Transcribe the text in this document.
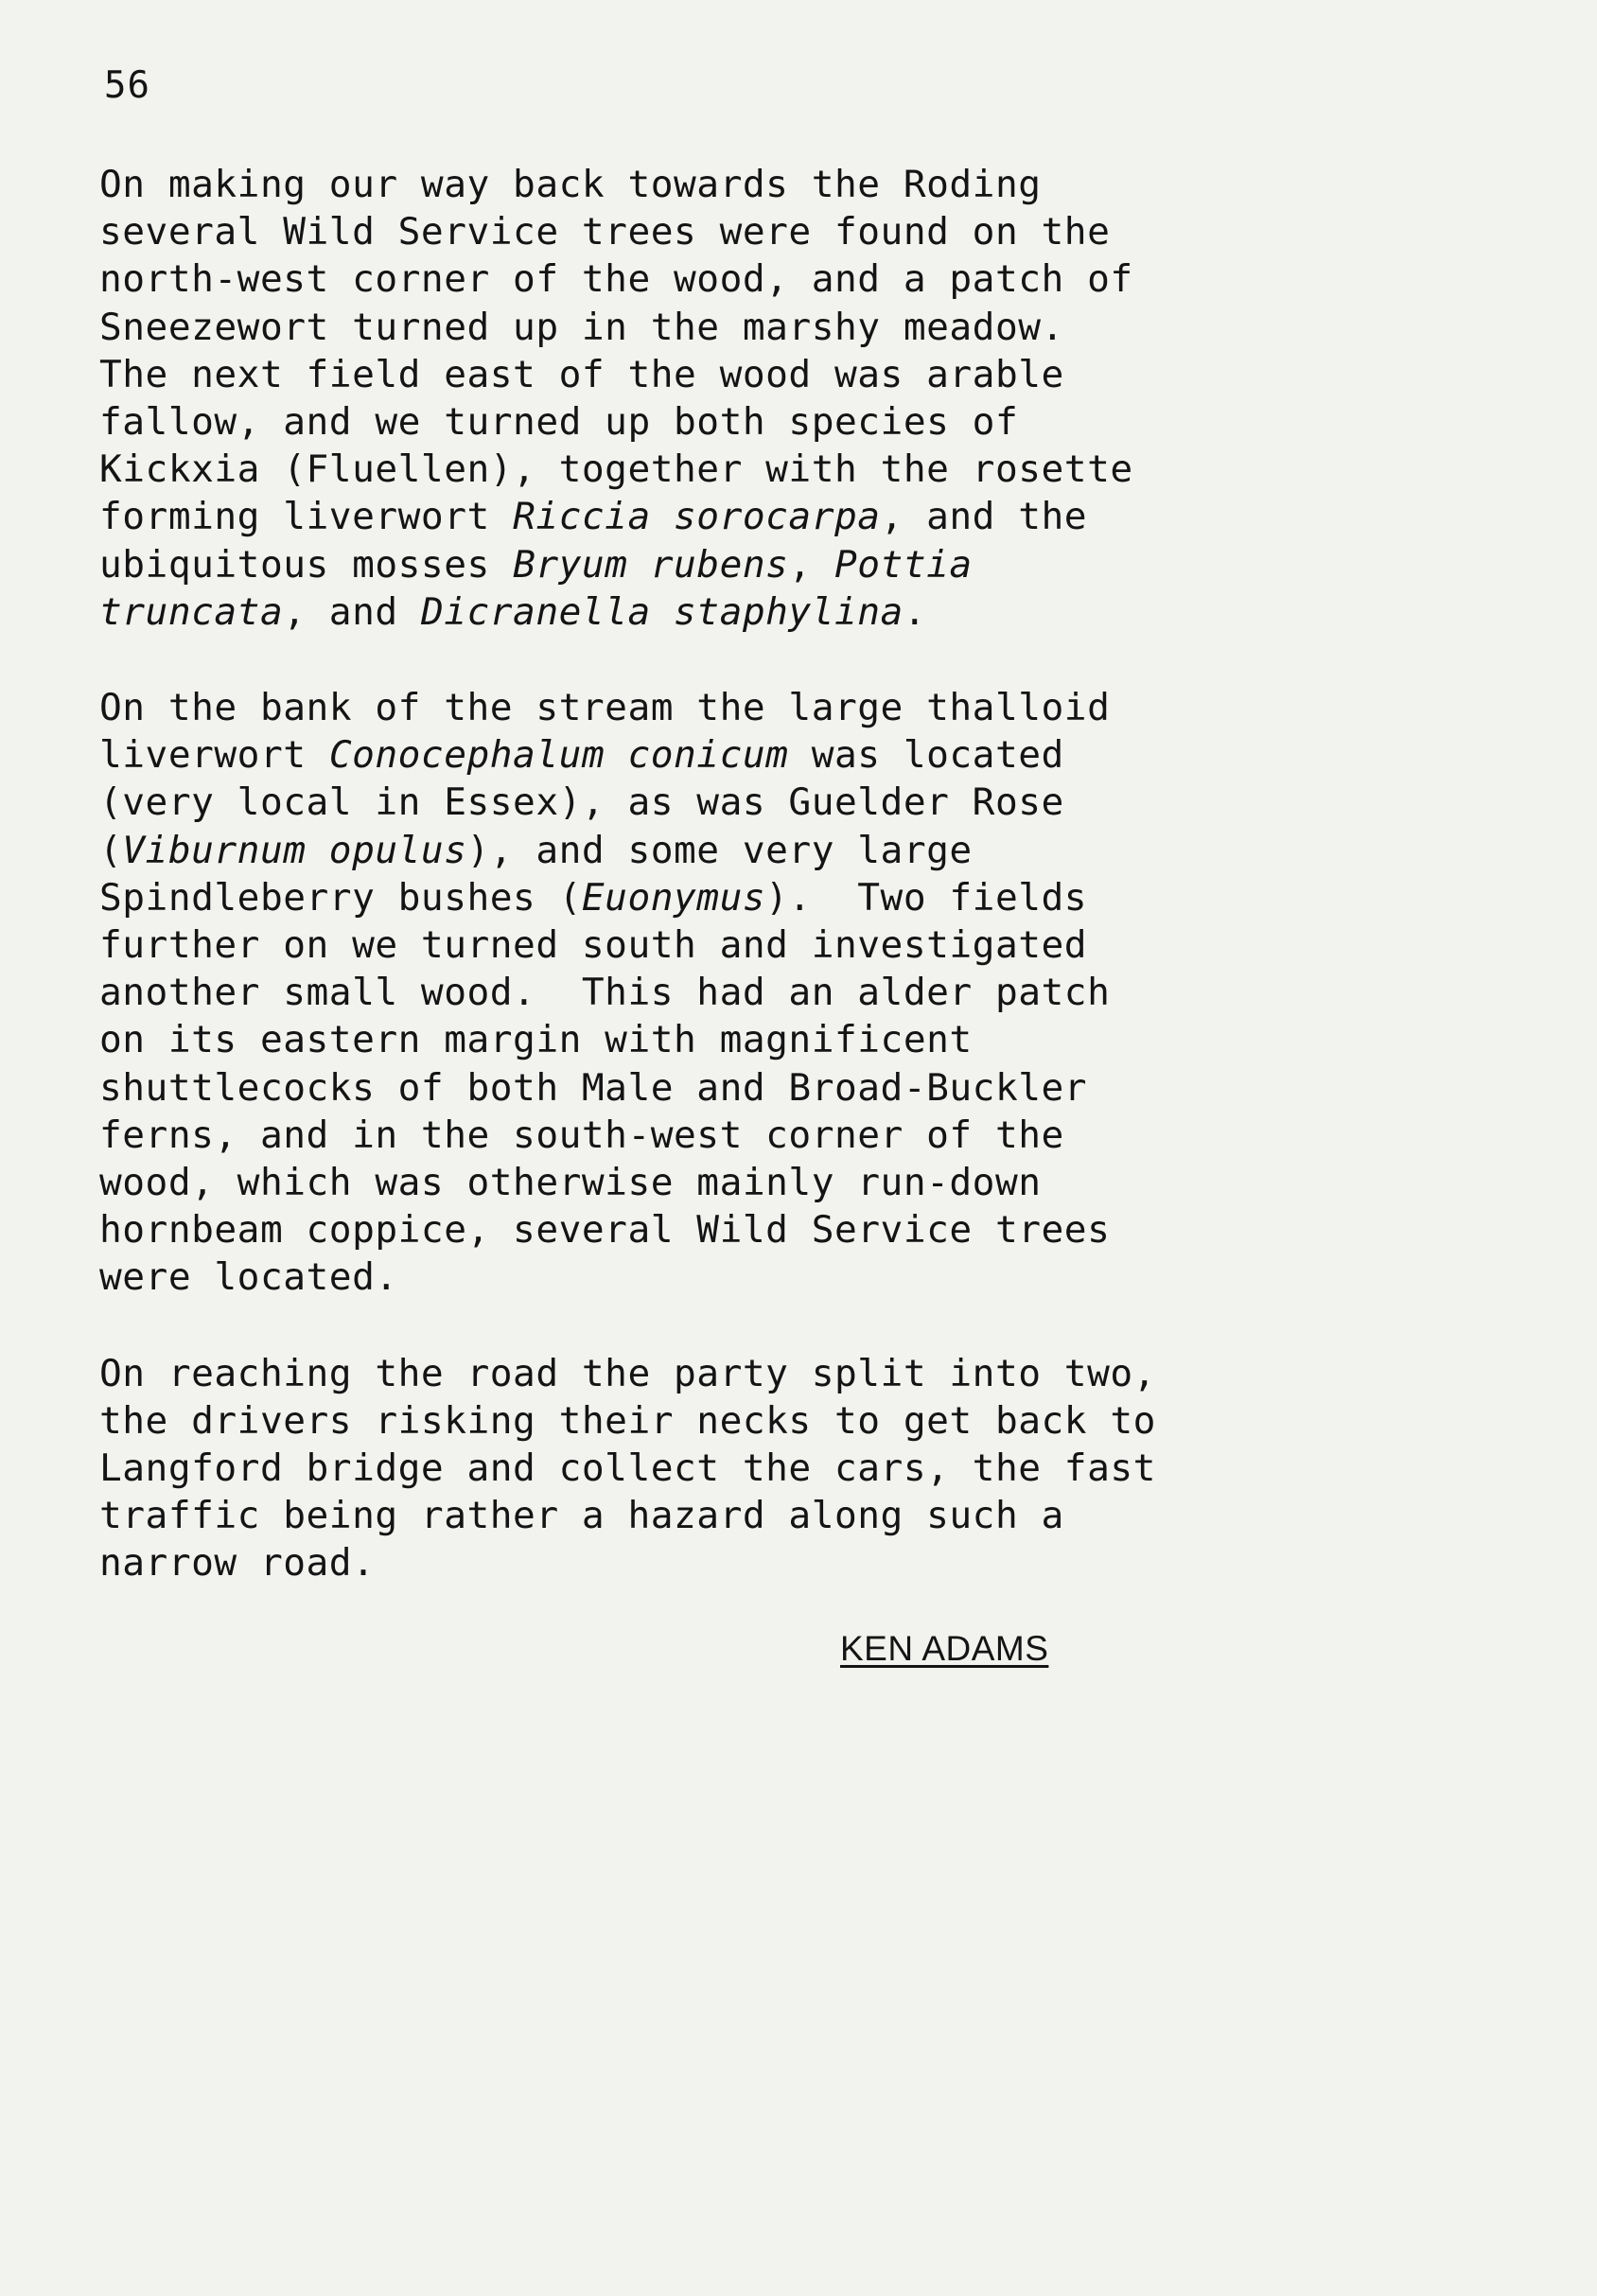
56
On making our way back towards the Roding
several Wild Service trees were found on the
north-west corner of the wood, and a patch of
Sneezewort turned up in the marshy meadow.
The next field east of the wood was arable
fallow, and we turned up both species of
Kickxia (Fluellen), together with the rosette
forming liverwort Riccia sorocarpa, and the
ubiquitous mosses Bryum rubens, Pottia
truncata, and Dicranella staphylina.
On the bank of the stream the large thalloid
liverwort Conocephalum conicum was located
(very local in Essex), as was Guelder Rose
(Viburnum opulus), and some very large
Spindleberry bushes (Euonymus).  Two fields
further on we turned south and investigated
another small wood.  This had an alder patch
on its eastern margin with magnificent
shuttlecocks of both Male and Broad-Buckler
ferns, and in the south-west corner of the
wood, which was otherwise mainly run-down
hornbeam coppice, several Wild Service trees
were located.
On reaching the road the party split into two,
the drivers risking their necks to get back to
Langford bridge and collect the cars, the fast
traffic being rather a hazard along such a
narrow road.
KEN ADAMS
